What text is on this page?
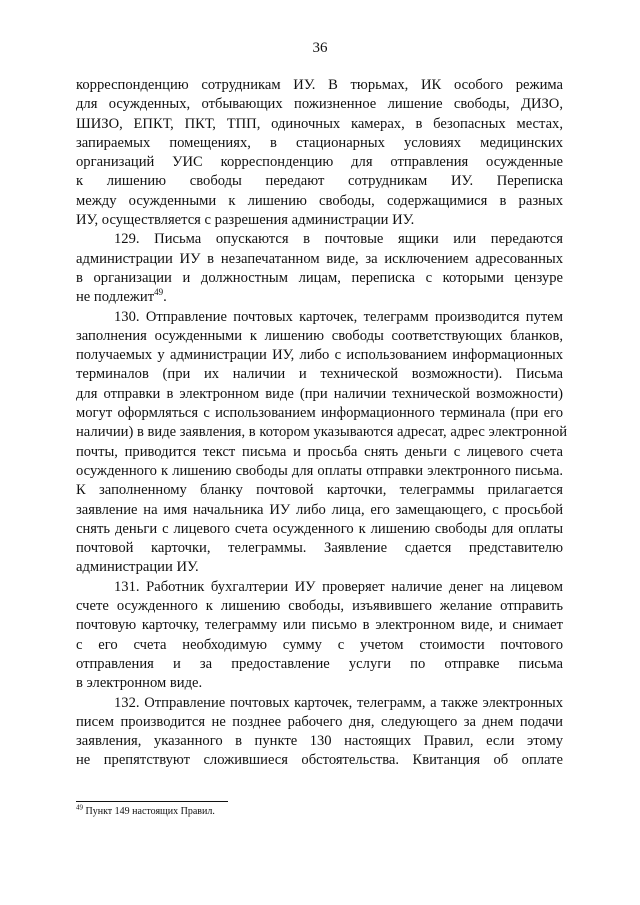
36
корреспонденцию сотрудникам ИУ. В тюрьмах, ИК особого режима
для осужденных, отбывающих пожизненное лишение свободы, ДИЗО,
ШИЗО, ЕПКТ, ПКТ, ТПП, одиночных камерах, в безопасных местах,
запираемых помещениях, в стационарных условиях медицинских
организаций УИС корреспонденцию для отправления осужденные
к лишению свободы передают сотрудникам ИУ. Переписка
между осужденными к лишению свободы, содержащимися в разных
ИУ, осуществляется с разрешения администрации ИУ.
129. Письма опускаются в почтовые ящики или передаются
администрации ИУ в незапечатанном виде, за исключением адресованных
в организации и должностным лицам, переписка с которыми цензуре
не подлежит$^{49}$.
130. Отправление почтовых карточек, телеграмм производится путем
заполнения осужденными к лишению свободы соответствующих бланков,
получаемых у администрации ИУ, либо с использованием информационных
терминалов (при их наличии и технической возможности). Письма
для отправки в электронном виде (при наличии технической возможности)
могут оформляться с использованием информационного терминала (при его
наличии) в виде заявления, в котором указываются адресат, адрес электронной
почты, приводится текст письма и просьба снять деньги с лицевого счета
осужденного к лишению свободы для оплаты отправки электронного письма.
К заполненному бланку почтовой карточки, телеграммы прилагается
заявление на имя начальника ИУ либо лица, его замещающего, с просьбой
снять деньги с лицевого счета осужденного к лишению свободы для оплаты
почтовой карточки, телеграммы. Заявление сдается представителю
администрации ИУ.
131. Работник бухгалтерии ИУ проверяет наличие денег на лицевом
счете осужденного к лишению свободы, изъявившего желание отправить
почтовую карточку, телеграмму или письмо в электронном виде, и снимает
с его счета необходимую сумму с учетом стоимости почтового
отправления и за предоставление услуги по отправке письма
в электронном виде.
132. Отправление почтовых карточек, телеграмм, а также электронных
писем производится не позднее рабочего дня, следующего за днем подачи
заявления, указанного в пункте 130 настоящих Правил, если этому
не препятствуют сложившиеся обстоятельства. Квитанция об оплате
$^{49}$ Пункт 149 настоящих Правил.
